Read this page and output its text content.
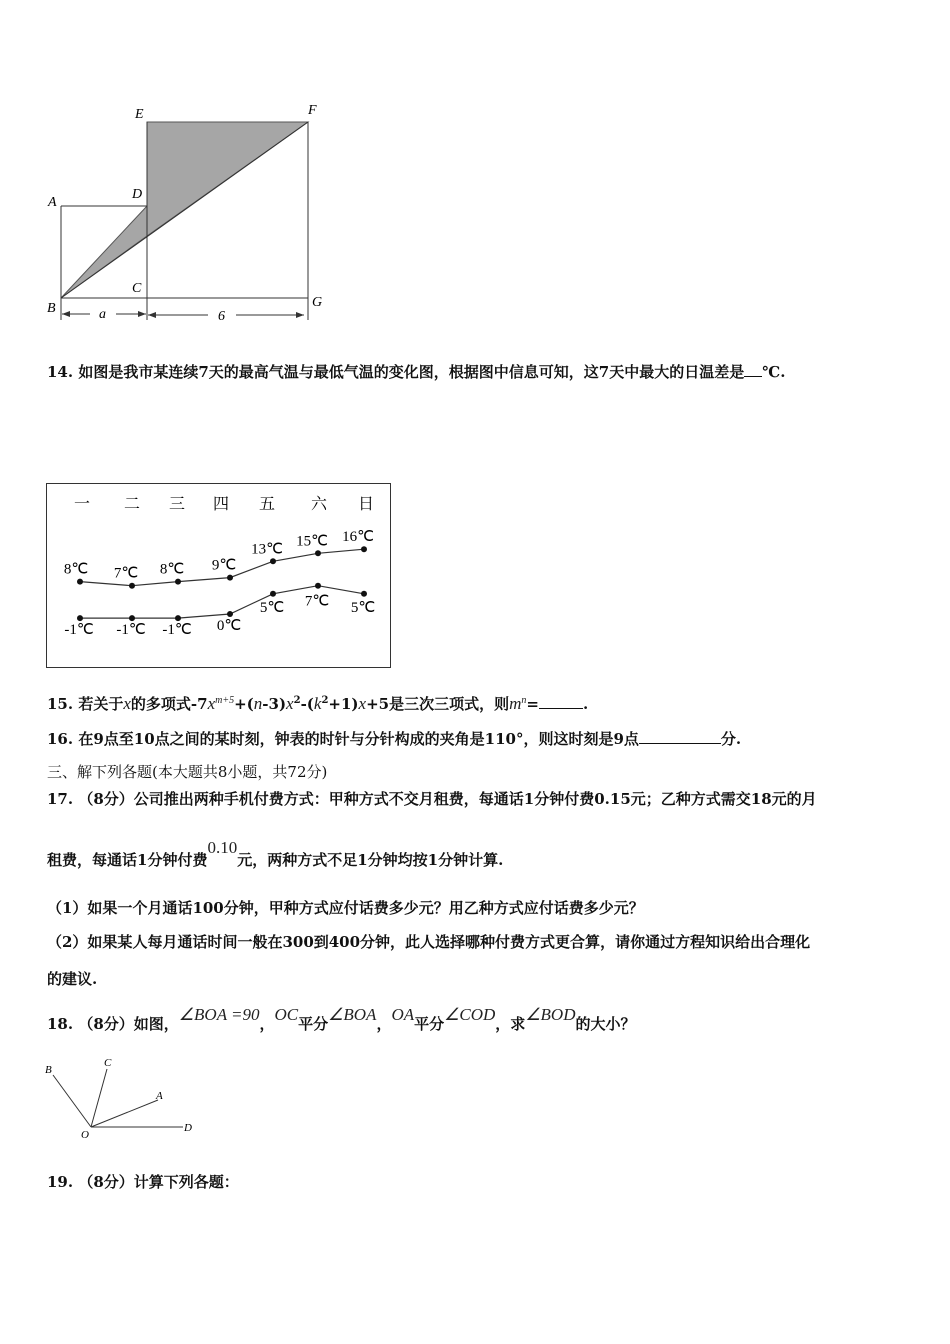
E	F
A
D
C
B	G
a	6
14. 如图是我市某连续7天的最高气温与最低气温的变化图，根据图中信息可知，这7天中最大的日温差是 ℃.
一 二 三 四 五 六 日
8℃ 7℃ 8℃ 9℃
13℃ 15℃ 16℃
-1℃ -1℃ -1℃ 0℃
5℃ 7℃ 5℃
15. 若关于x的多项式$-7x^{m+5}+(n-3)x^2-(k^2+1)x+5$是三次三项式，则$m^n=$	.
16. 在9点至10点之间的某时刻，钟表的时针与分针构成的夹角是110°，则这时刻是9点	分.
三、解下列各题(本大题共8小题，共72分)
17. （8分）公司推出两种手机付费方式：甲种方式不交月租费，每通话1分钟付费0.15元；乙种方式需交18元的月
租费，每通话1分钟付费0.10元，两种方式不足1分钟均按1分钟计算.
（1）如果一个月通话100分钟，甲种方式应付话费多少元？用乙种方式应付话费多少元？
（2）如果某人每月通话时间一般在300到400分钟，此人选择哪种付费方式更合算，请你通过方程知识给出合理化
的建议.
18. （8分）如图，∠BOA =90，OC平分∠BOA，OA平分∠COD，求∠BOD的大小？
B
C
A
O
D
19. （8分）计算下列各题：
